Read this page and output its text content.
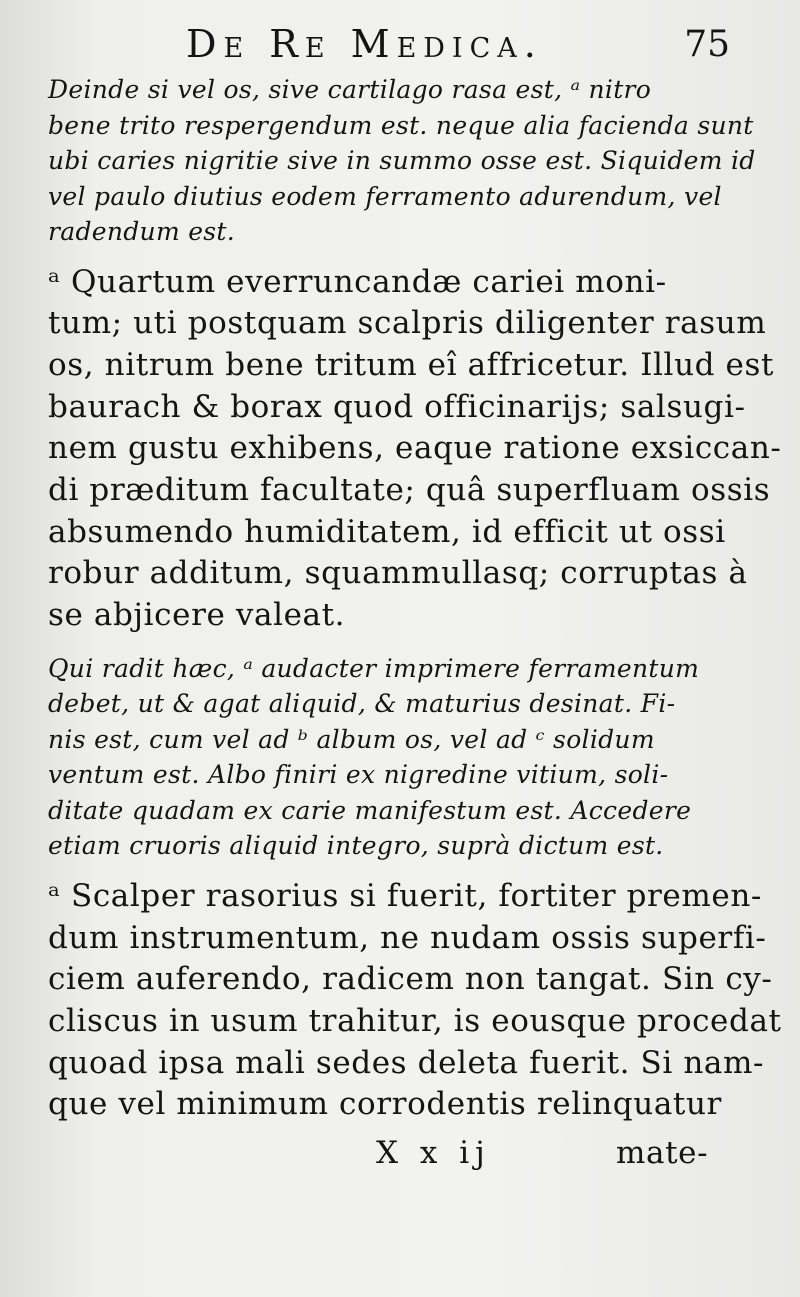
De Re Medica.	75

Deinde si vel os, sive cartilago rasa est, ᵃ nitro

bene trito respergendum est. neque alia facienda sunt

ubi caries nigritie sive in summo osse est. Siquidem id

vel paulo diutius eodem ferramento adurendum, vel

radendum est.

ᵃ Quartum everruncandæ cariei moni-

tum; uti postquam scalpris diligenter rasum

os, nitrum bene tritum eî affricetur. Illud est

baurach & borax quod officinarijs; salsugi-

nem gustu exhibens, eaque ratione exsiccan-

di præditum facultate; quâ superfluam ossis

absumendo humiditatem, id efficit ut ossi

robur additum, squammullasq; corruptas à

se abjicere valeat.

Qui radit hæc, ᵃ audacter imprimere ferramentum

debet, ut & agat aliquid, & maturius desinat. Fi-

nis est, cum vel ad ᵇ album os, vel ad ᶜ solidum

ventum est. Albo finiri ex nigredine vitium, soli-

ditate quadam ex carie manifestum est. Accedere

etiam cruoris aliquid integro, suprà dictum est.

ᵃ Scalper rasorius si fuerit, fortiter premen-

dum instrumentum, ne nudam ossis superfi-

ciem auferendo, radicem non tangat. Sin cy-

cliscus in usum trahitur, is eousque procedat

quoad ipsa mali sedes deleta fuerit. Si nam-

que vel minimum corrodentis relinquatur

X x ij	mate-
